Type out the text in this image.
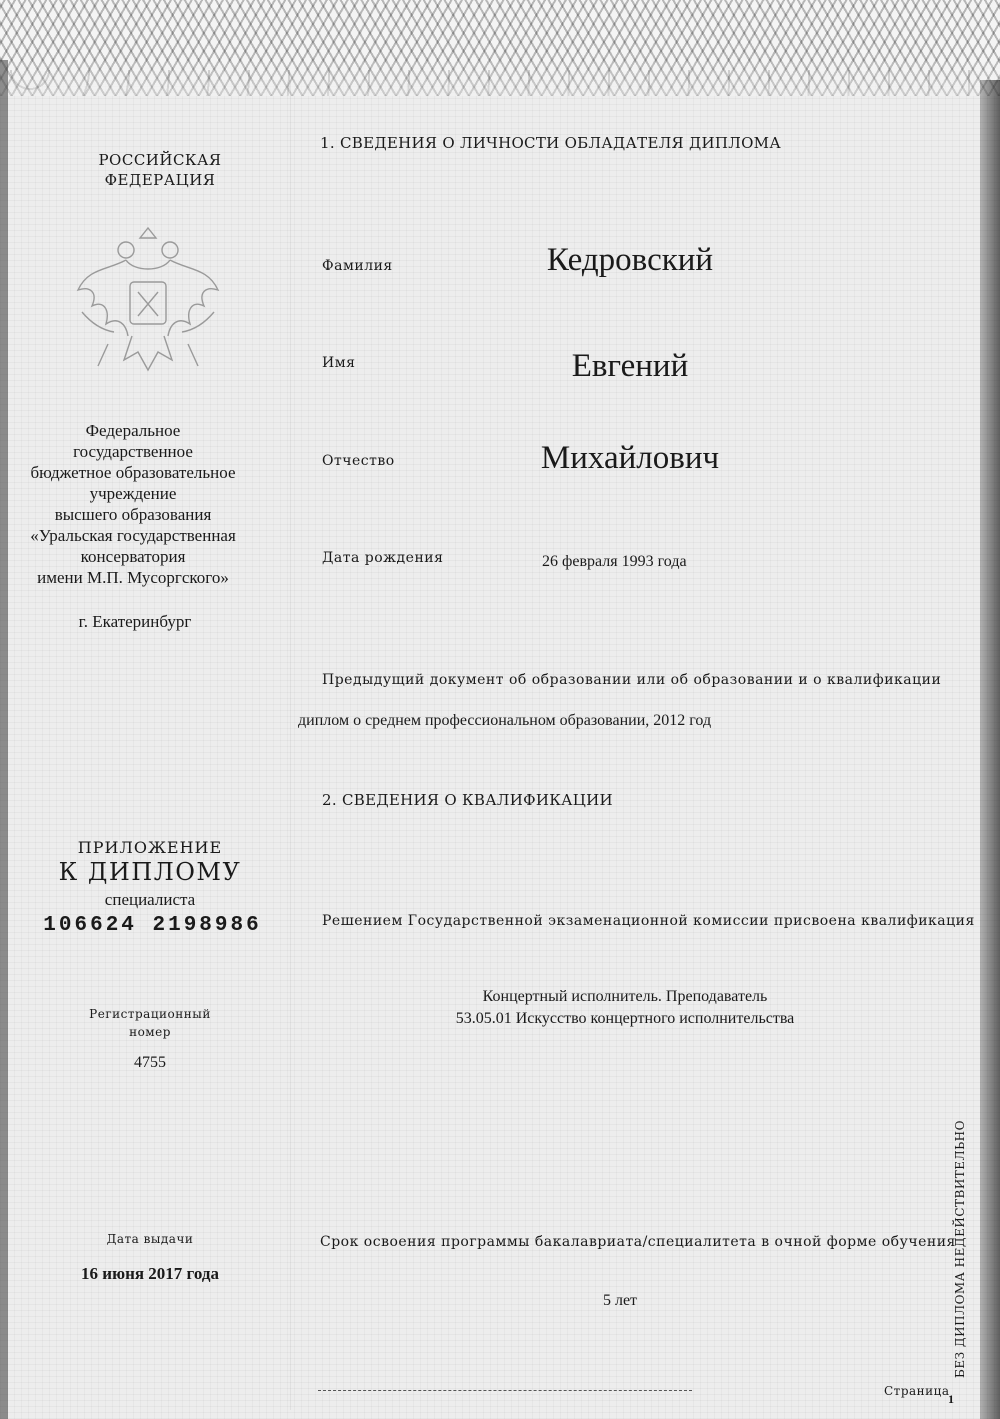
РОССИЙСКАЯ
ФЕДЕРАЦИЯ
Федеральное
государственное
бюджетное образовательное
учреждение
высшего образования
«Уральская государственная
консерватория
имени М.П. Мусоргского»
г. Екатеринбург
ПРИЛОЖЕНИЕ
К ДИПЛОМУ
специалиста
106624 2198986
Регистрационный
номер
4755
Дата выдачи
16 июня 2017 года
1. СВЕДЕНИЯ О ЛИЧНОСТИ ОБЛАДАТЕЛЯ ДИПЛОМА
Фамилия	Кедровский
Имя	Евгений
Отчество	Михайлович
Дата рождения	26 февраля 1993 года
Предыдущий документ об образовании или об образовании и о квалификации
диплом о среднем профессиональном образовании, 2012 год
2. СВЕДЕНИЯ О КВАЛИФИКАЦИИ
Решением Государственной экзаменационной комиссии присвоена квалификация
Концертный исполнитель. Преподаватель
53.05.01 Искусство концертного исполнительства
Срок освоения программы бакалавриата/специалитета в очной форме обучения
5 лет
Страница
1
БЕЗ ДИПЛОМА НЕДЕЙСТВИТЕЛЬНО
